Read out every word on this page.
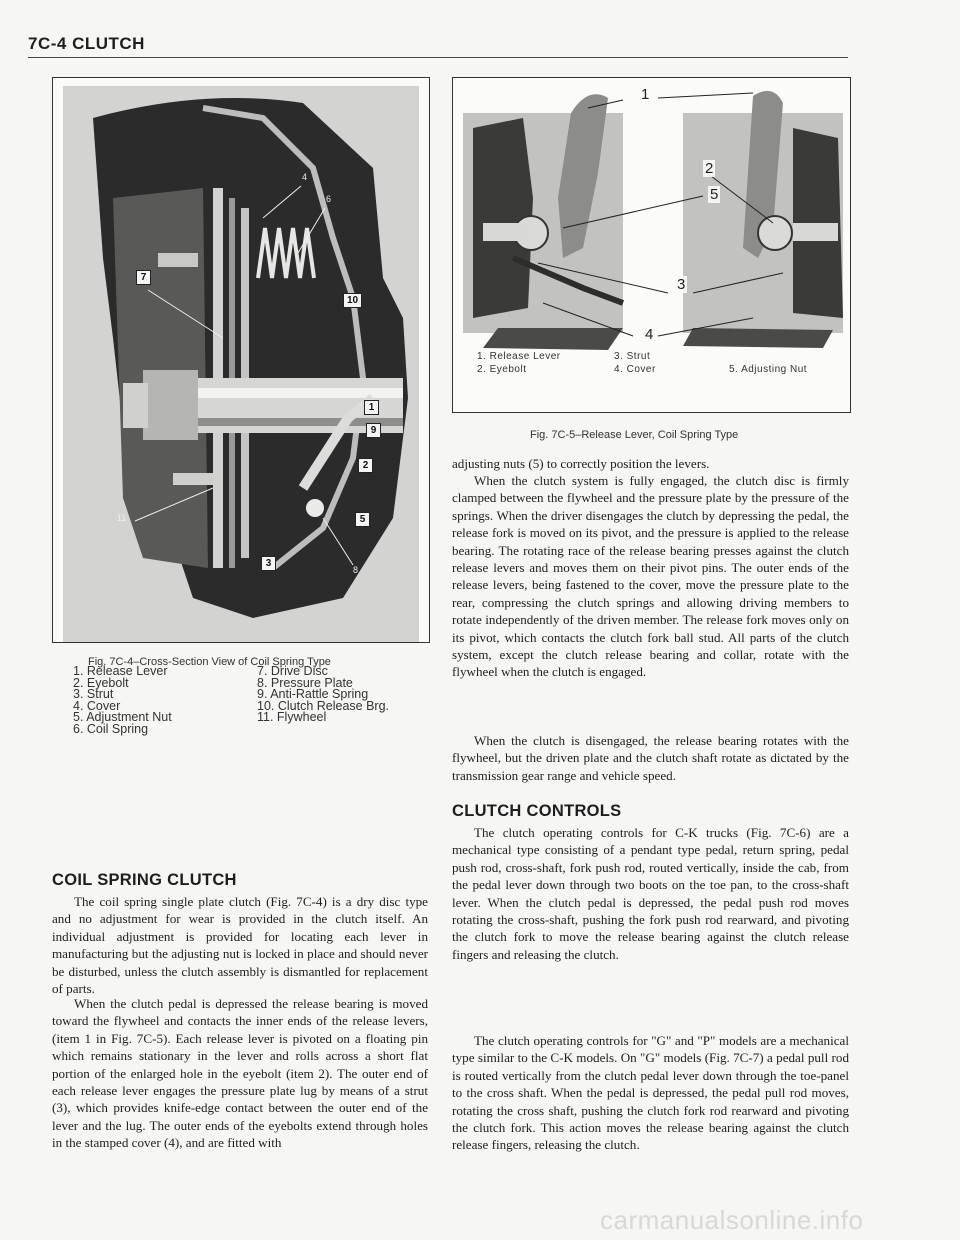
7C-4 CLUTCH
4
6
7
10
1
9
2
11	5
3
8
1. Release Lever
2. Eyebolt
3. Strut
4. Cover
5. Adjustment Nut
6. Coil Spring
7. Drive Disc
8. Pressure Plate
9. Anti-Rattle Spring
10. Clutch Release Brg.
11. Flywheel
Fig. 7C-4–Cross-Section View of Coil Spring Type
1
2
5
3
4
1. Release Lever
2. Eyebolt
3. Strut
4. Cover	5. Adjusting Nut
Fig. 7C-5–Release Lever, Coil Spring Type
COIL SPRING CLUTCH

The coil spring single plate clutch (Fig. 7C-4) is a dry disc type and no adjustment for wear is provided in the clutch itself. An individual adjustment is provided for locating each lever in manufacturing but the adjusting nut is locked in place and should never be disturbed, unless the clutch assembly is dismantled for replacement of parts.

When the clutch pedal is depressed the release bearing is moved toward the flywheel and contacts the inner ends of the release levers, (item 1 in Fig. 7C-5). Each release lever is pivoted on a floating pin which remains stationary in the lever and rolls across a short flat portion of the enlarged hole in the eyebolt (item 2). The outer end of each release lever engages the pressure plate lug by means of a strut (3), which provides knife-edge contact between the outer end of the lever and the lug. The outer ends of the eyebolts extend through holes in the stamped cover (4), and are fitted with

adjusting nuts (5) to correctly position the levers.

When the clutch system is fully engaged, the clutch disc is firmly clamped between the flywheel and the pressure plate by the pressure of the springs. When the driver disengages the clutch by depressing the pedal, the release fork is moved on its pivot, and the pressure is applied to the release bearing. The rotating race of the release bearing presses against the clutch release levers and moves them on their pivot pins. The outer ends of the release levers, being fastened to the cover, move the pressure plate to the rear, compressing the clutch springs and allowing driving members to rotate independently of the driven member. The release fork moves only on its pivot, which contacts the clutch fork ball stud. All parts of the clutch system, except the clutch release bearing and collar, rotate with the flywheel when the clutch is engaged.

When the clutch is disengaged, the release bearing rotates with the flywheel, but the driven plate and the clutch shaft rotate as dictated by the transmission gear range and vehicle speed.

CLUTCH CONTROLS

The clutch operating controls for C-K trucks (Fig. 7C-6) are a mechanical type consisting of a pendant type pedal, return spring, pedal push rod, cross-shaft, fork push rod, routed vertically, inside the cab, from the pedal lever down through two boots on the toe pan, to the cross-shaft lever. When the clutch pedal is depressed, the pedal push rod moves rotating the cross-shaft, pushing the fork push rod rearward, and pivoting the clutch fork to move the release bearing against the clutch release fingers and releasing the clutch.

The clutch operating controls for "G" and "P" models are a mechanical type similar to the C-K models. On "G" models (Fig. 7C-7) a pedal pull rod is routed vertically from the clutch pedal lever down through the toe-panel to the cross shaft. When the pedal is depressed, the pedal pull rod moves, rotating the cross shaft, pushing the clutch fork rod rearward and pivoting the clutch fork. This action moves the release bearing against the clutch release fingers, releasing the clutch.

carmanualsonline.info
